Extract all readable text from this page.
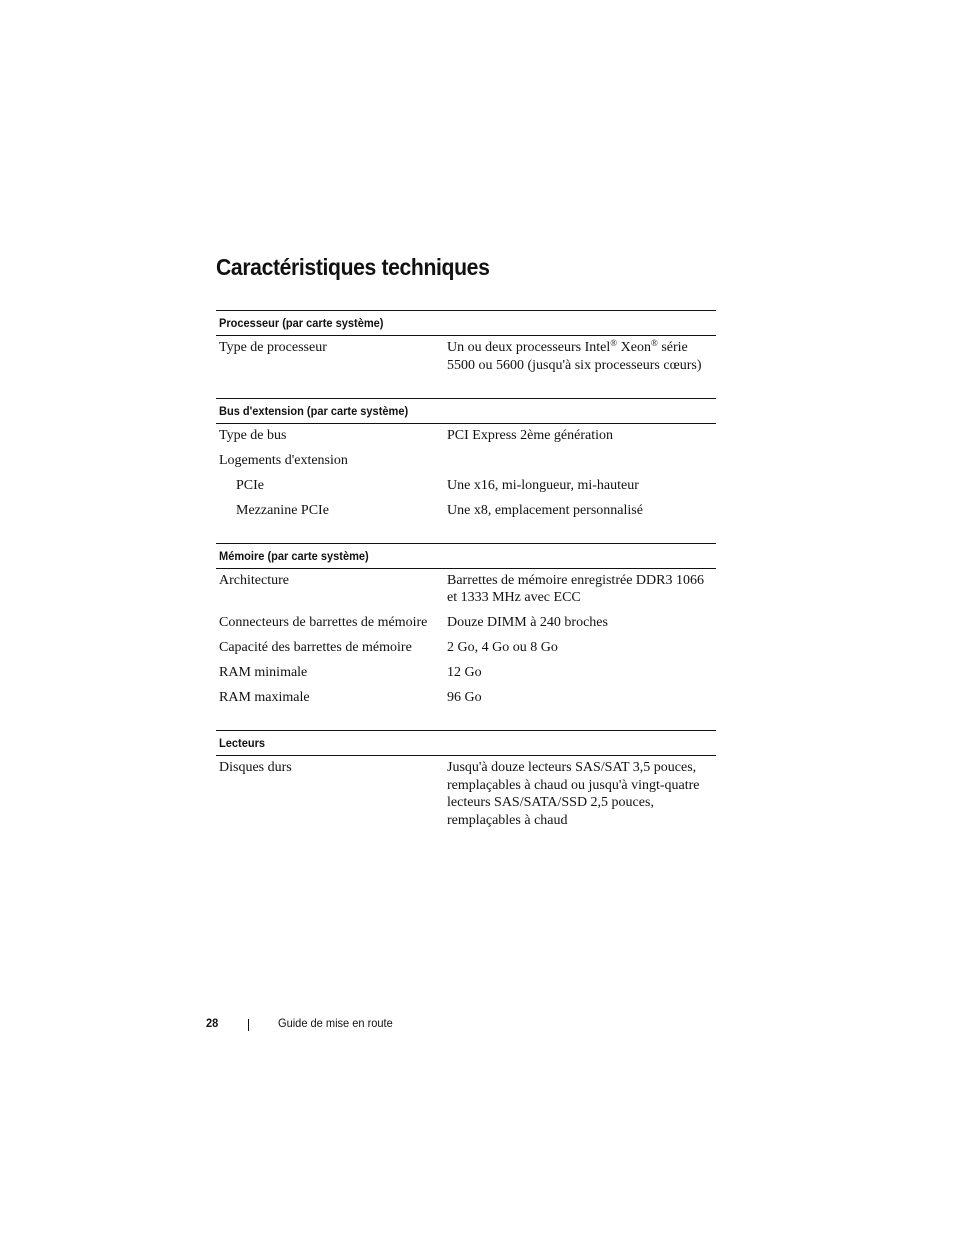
Caractéristiques techniques
Processeur (par carte système)
Type de processeur	Un ou deux processeurs Intel® Xeon® série 5500 ou 5600 (jusqu'à six processeurs cœurs)
Bus d'extension (par carte système)
Type de bus	PCI Express 2ème génération
Logements d'extension
PCIe	Une x16, mi-longueur, mi-hauteur
Mezzanine PCIe	Une x8, emplacement personnalisé
Mémoire (par carte système)
Architecture	Barrettes de mémoire enregistrée DDR3 1066 et 1333 MHz avec ECC
Connecteurs de barrettes de mémoire	Douze DIMM à 240 broches
Capacité des barrettes de mémoire	2 Go, 4 Go ou 8 Go
RAM minimale	12 Go
RAM maximale	96 Go
Lecteurs
Disques durs	Jusqu'à douze lecteurs SAS/SAT 3,5 pouces, remplaçables à chaud ou jusqu'à vingt-quatre lecteurs SAS/SATA/SSD 2,5 pouces, remplaçables à chaud
28	Guide de mise en route
